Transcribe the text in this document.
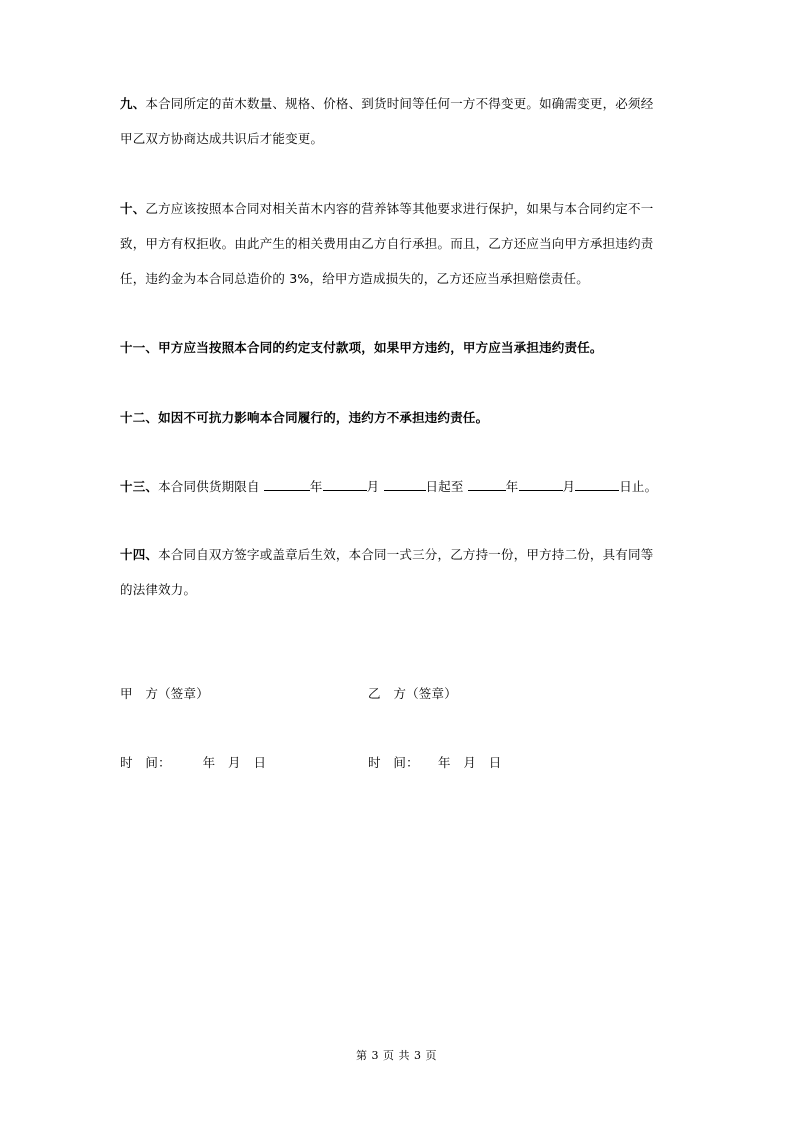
九、本合同所定的苗木数量、规格、价格、到货时间等任何一方不得变更。如确需变更，必须经
甲乙双方协商达成共识后才能变更。

十、乙方应该按照本合同对相关苗木内容的营养钵等其他要求进行保护，如果与本合同约定不一
致，甲方有权拒收。由此产生的相关费用由乙方自行承担。而且，乙方还应当向甲方承担违约责
任，违约金为本合同总造价的 3%，给甲方造成损失的，乙方还应当承担赔偿责任。

十一、甲方应当按照本合同的约定支付款项，如果甲方违约，甲方应当承担违约责任。

十二、如因不可抗力影响本合同履行的，违约方不承担违约责任。

十三、本合同供货期限自	年	月	日起至	年	月	日止。

十四、本合同自双方签字或盖章后生效，本合同一式三分，乙方持一份，甲方持二份，具有同等
的法律效力。

甲　方（签章）	乙　方（签章）
时　间：　　　年　月　日	时　间：　　年　月　日
第 3 页 共 3 页
